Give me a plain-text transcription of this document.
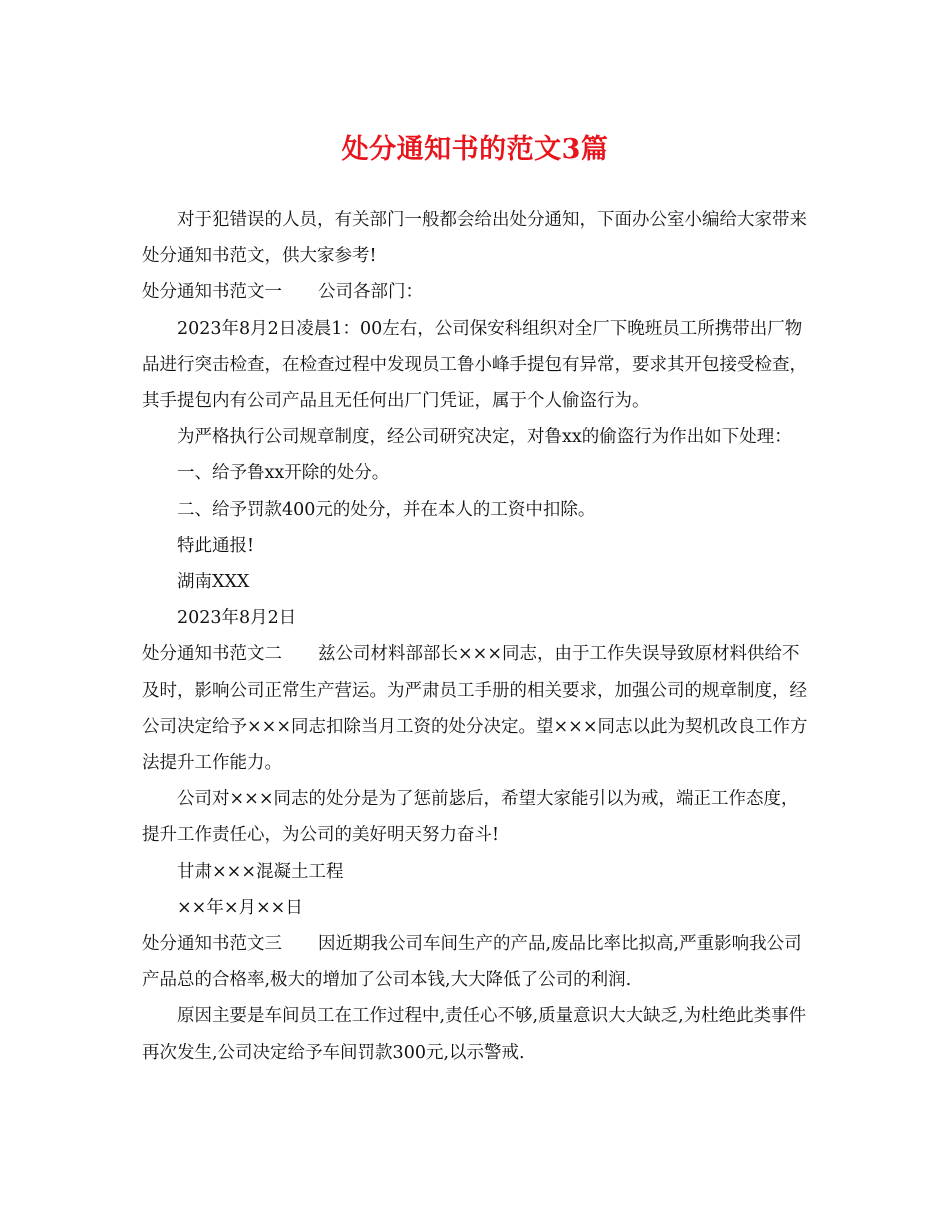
处分通知书的范文3篇

对于犯错误的人员，有关部门一般都会给出处分通知，下面办公室小编给大家带来处分通知书范文，供大家参考!

处分通知书范文一 公司各部门：

2023年8月2日凌晨1：00左右，公司保安科组织对全厂下晚班员工所携带出厂物品进行突击检查，在检查过程中发现员工鲁小峰手提包有异常，要求其开包接受检查，其手提包内有公司产品且无任何出厂门凭证，属于个人偷盗行为。

为严格执行公司规章制度，经公司研究决定，对鲁xx的偷盗行为作出如下处理：

一、给予鲁xx开除的处分。

二、给予罚款400元的处分，并在本人的工资中扣除。

特此通报!

湖南XXX

2023年8月2日

处分通知书范文二 兹公司材料部部长×××同志，由于工作失误导致原材料供给不及时，影响公司正常生产营运。为严肃员工手册的相关要求，加强公司的规章制度，经公司决定给予×××同志扣除当月工资的处分决定。望×××同志以此为契机改良工作方法提升工作能力。

公司对×××同志的处分是为了惩前毖后，希望大家能引以为戒，端正工作态度，提升工作责任心，为公司的美好明天努力奋斗!

甘肃×××混凝土工程

××年×月××日

处分通知书范文三 因近期我公司车间生产的产品,废品比率比拟高,严重影响我公司产品总的合格率,极大的增加了公司本钱,大大降低了公司的利润.

原因主要是车间员工在工作过程中,责任心不够,质量意识大大缺乏,为杜绝此类事件再次发生,公司决定给予车间罚款300元,以示警戒.
